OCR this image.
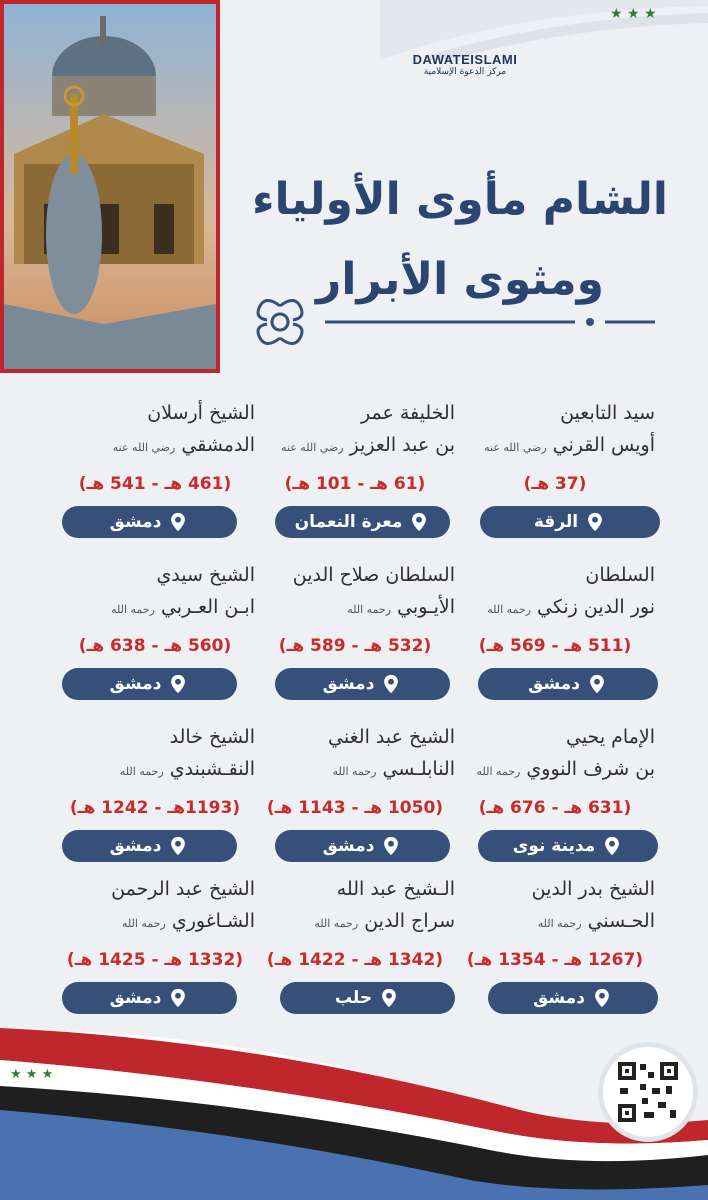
★ ★ ★
DAWATEISLAMI
مركز الدعوة الإسلامية
الشام مأوى الأولياء
ومثوى الأبرار
سيد التابعين
أويس القرني رضي الله عنه
(37 هـ)
الرقة
الخليفة عمر
بن عبد العزيز رضي الله عنه
(61 هـ - 101 هـ)
معرة النعمان
الشيخ أرسلان
الدمشقي رضي الله عنه
(461 هـ - 541 هـ)
دمشق
السلطان
نور الدين زنكي رحمه الله
(511 هـ - 569 هـ)
دمشق
السلطان صلاح الدين
الأيـوبي رحمه الله
(532 هـ - 589 هـ)
دمشق
الشيخ سيدي
ابـن العـربي رحمه الله
(560 هـ - 638 هـ)
دمشق
الإمام يحيي
بن شرف النووي رحمه الله
(631 هـ - 676 هـ)
مدينة نوى
الشيخ عبد الغني
النابلـسي رحمه الله
(1050 هـ - 1143 هـ)
دمشق
الشيخ خالد
النقـشبندي رحمه الله
(1193هـ - 1242 هـ)
دمشق
الشيخ بدر الدين
الحـسني رحمه الله
(1267 هـ - 1354 هـ)
دمشق
الـشيخ عبد الله
سراج الدين رحمه الله
(1342 هـ - 1422 هـ)
حلب
الشيخ عبد الرحمن
الشـاغوري رحمه الله
(1332 هـ - 1425 هـ)
دمشق
★ ★ ★
